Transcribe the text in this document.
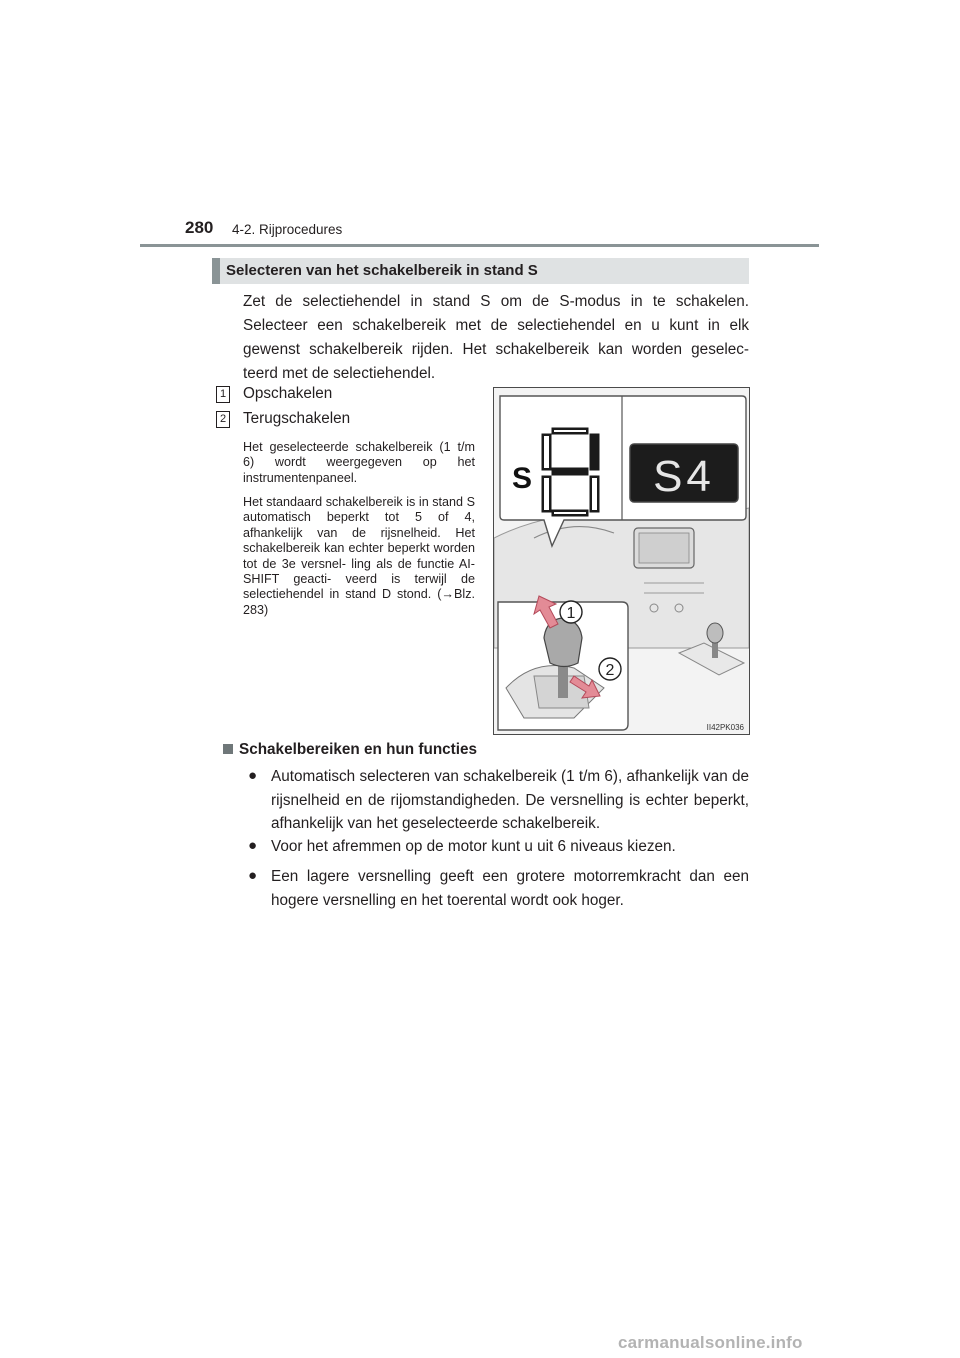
280 4-2. Rijprocedures
Selecteren van het schakelbereik in stand S

Zet de selectiehendel in stand S om de S-modus in te schakelen. Selecteer een schakelbereik met de selectiehendel en u kunt in elk gewenst schakelbereik rijden. Het schakelbereik kan worden geselec- teerd met de selectiehendel.

1 Opschakelen
2 Terugschakelen

Het geselecteerde schakelbereik (1 t/m 6) wordt weergegeven op het instrumentenpaneel.

Het standaard schakelbereik is in stand S automatisch beperkt tot 5 of 4, afhankelijk van de rijsnelheid. Het schakelbereik kan echter beperkt worden tot de 3e versnel- ling als de functie AI-SHIFT geacti- veerd is terwijl de selectiehendel in stand D stond. (→Blz. 283)

S	S4
1
2
II42PK036
Schakelbereiken en hun functies
● Automatisch selecteren van schakelbereik (1 t/m 6), afhankelijk van de rijsnelheid en de rijomstandigheden. De versnelling is echter beperkt, afhankelijk van het geselecteerde schakelbereik.

● Voor het afremmen op de motor kunt u uit 6 niveaus kiezen.

● Een lagere versnelling geeft een grotere motorremkracht dan een hogere versnelling en het toerental wordt ook hoger.

carmanualsonline.info
